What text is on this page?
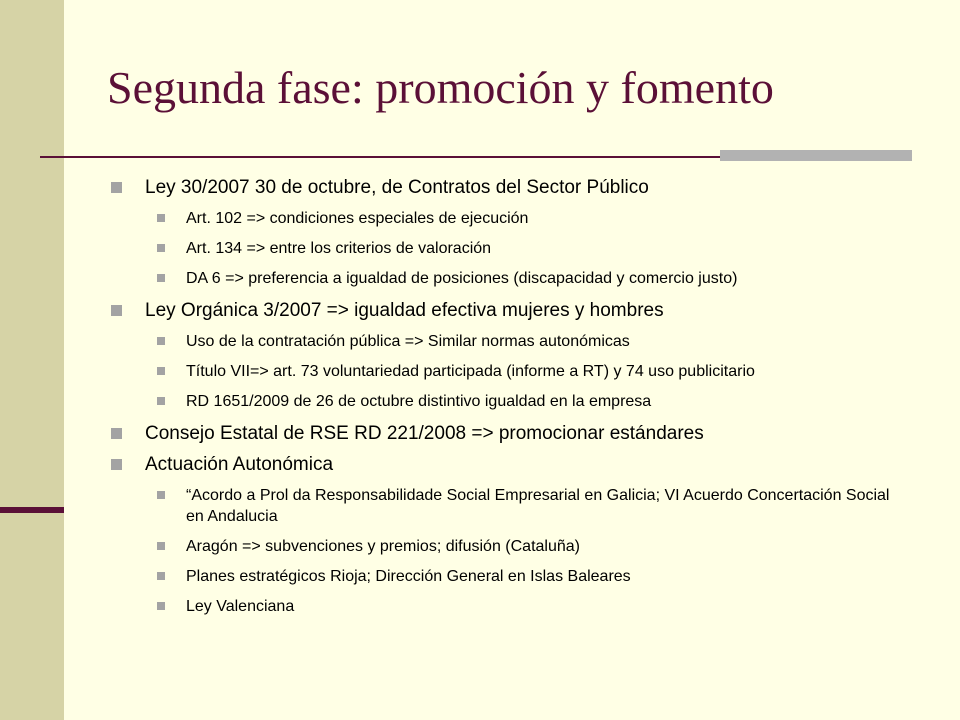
Segunda fase: promoción y fomento
Ley 30/2007 30 de octubre, de Contratos del Sector Público
Art. 102 => condiciones especiales de ejecución
Art. 134 => entre los criterios de valoración
DA 6 => preferencia a igualdad de posiciones (discapacidad y comercio justo)
Ley Orgánica 3/2007 => igualdad efectiva mujeres y hombres
Uso de la contratación pública => Similar normas autonómicas
Título VII=> art. 73 voluntariedad participada (informe a RT) y 74 uso publicitario
RD 1651/2009 de 26 de octubre distintivo igualdad en la empresa
Consejo Estatal de RSE RD 221/2008 => promocionar estándares
Actuación Autonómica
“Acordo a Prol da Responsabilidade Social Empresarial en Galicia; VI Acuerdo Concertación Social en Andalucia
Aragón => subvenciones y premios; difusión (Cataluña)
Planes estratégicos Rioja; Dirección General en Islas Baleares
Ley Valenciana
